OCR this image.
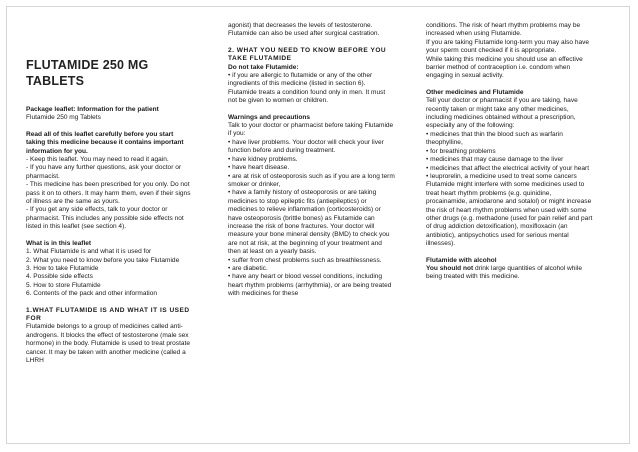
FLUTAMIDE 250 MG TABLETS

Package leaflet: Information for the patient

Flutamide 250 mg Tablets

Read all of this leaflet carefully before you start taking this medicine because it contains important information for you.

- Keep this leaflet. You may need to read it again.

- If you have any further questions, ask your doctor or pharmacist.

- This medicine has been prescribed for you only. Do not pass it on to others. It may harm them, even if their signs of illness are the same as yours.

- If you get any side effects, talk to your doctor or pharmacist. This includes any possible side effects not listed in this leaflet (see section 4).

What is in this leaflet

1. What Flutamide is and what it is used for

2. What you need to know before you take Flutamide

3. How to take Flutamide

4. Possible side effects

5. How to store Flutamide

6. Contents of the pack and other information

1.WHAT FLUTAMIDE IS AND WHAT IT IS USED FOR

Flutamide belongs to a group of medicines called anti-androgens. It blocks the effect of testosterone (male sex hormone) in the body. Flutamide is used to treat prostate cancer. It may be taken with another medicine (called a LHRH

agonist) that decreases the levels of testosterone. Flutamide can also be used after surgical castration.

2. WHAT YOU NEED TO KNOW BEFORE YOU TAKE FLUTAMIDE

Do not take Flutamide:

• if you are allergic to flutamide or any of the other ingredients of this medicine (listed in section 6). Flutamide treats a condition found only in men. It must not be given to women or children.

Warnings and precautions

Talk to your doctor or pharmacist before taking Flutamide if you:

• have liver problems. Your doctor will check your liver function before and during treatment.

• have kidney problems.

• have heart disease.

• are at risk of osteoporosis such as if you are a long term smoker or drinker,

• have a family history of osteoporosis or are taking medicines to stop epileptic fits (antiepileptics) or medicines to relieve inflammation (corticosteroids) or have osteoporosis (brittle bones) as Flutamide can increase the risk of bone fractures. Your doctor will measure your bone mineral density (BMD) to check you are not at risk, at the beginning of your treatment and then at least on a yearly basis.

• suffer from chest problems such as breathlessness.

• are diabetic.

• have any heart or blood vessel conditions, including heart rhythm problems (arrhythmia), or are being treated with medicines for these

conditions. The risk of heart rhythm problems may be increased when using Flutamide.

If you are taking Flutamide long-term you may also have your sperm count checked if it is appropriate.

While taking this medicine you should use an effective barrier method of contraception i.e. condom when engaging in sexual activity.

Other medicines and Flutamide

Tell your doctor or pharmacist if you are taking, have recently taken or might take any other medicines, including medicines obtained without a prescription, especially any of the following:

• medicines that thin the blood such as warfarin theophylline,

• for breathing problems

• medicines that may cause damage to the liver

• medicines that affect the electrical activity of your heart

• leuprorelin, a medicine used to treat some cancers

Flutamide might interfere with some medicines used to treat heart rhythm problems (e.g. quinidine, procainamide, amiodarone and sotalol) or might increase the risk of heart rhythm problems when used with some other drugs (e.g. methadone (used for pain relief and part of drug addiction detoxification), moxifloxacin (an antibiotic), antipsychotics used for serious mental illnesses).

Flutamide with alcohol

You should not drink large quantities of alcohol while being treated with this medicine.
